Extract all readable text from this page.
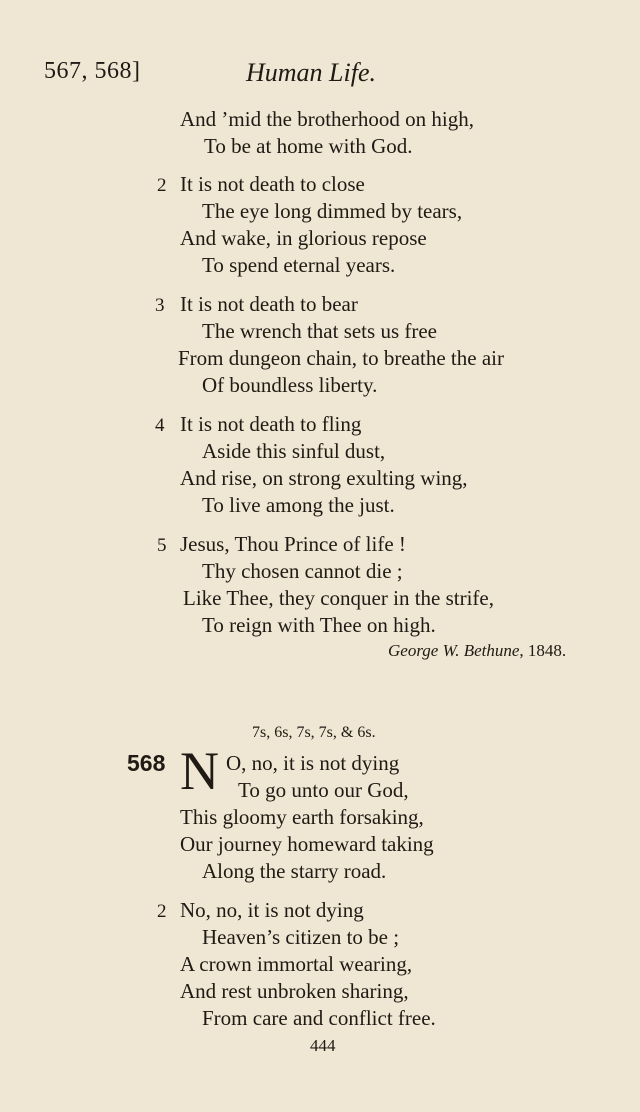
567, 568]	Human Life.
And ’mid the brotherhood on high,
To be at home with God.
2 It is not death to close
The eye long dimmed by tears,
And wake, in glorious repose
To spend eternal years.
3 It is not death to bear
The wrench that sets us free
From dungeon chain, to breathe the air
Of boundless liberty.
4 It is not death to fling
Aside this sinful dust,
And rise, on strong exulting wing,
To live among the just.
5 Jesus, Thou Prince of life !
Thy chosen cannot die ;
Like Thee, they conquer in the strife,
To reign with Thee on high.
George W. Bethune, 1848.
7s, 6s, 7s, 7s, & 6s.
568 N O, no, it is not dying
To go unto our God,
This gloomy earth forsaking,
Our journey homeward taking
Along the starry road.
2 No, no, it is not dying
Heaven’s citizen to be ;
A crown immortal wearing,
And rest unbroken sharing,
From care and conflict free.
444
